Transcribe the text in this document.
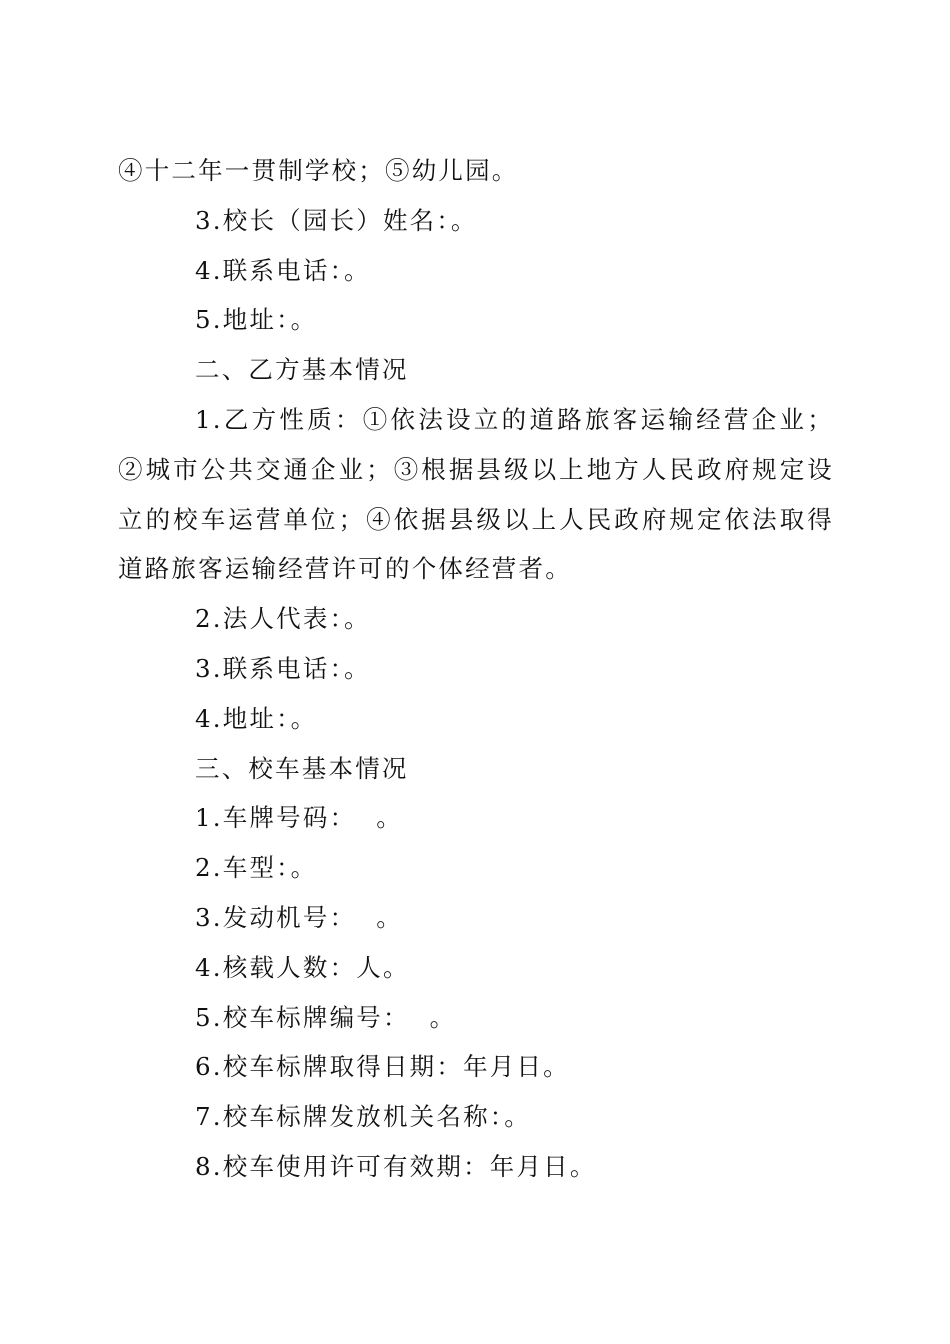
④十二年一贯制学校；⑤幼儿园。
3.校长（园长）姓名：。
4.联系电话：。
5.地址：。
二、乙方基本情况
1.乙方性质：①依法设立的道路旅客运输经营企业；②城市公共交通企业；③根据县级以上地方人民政府规定设立的校车运营单位；④依据县级以上人民政府规定依法取得道路旅客运输经营许可的个体经营者。
2.法人代表：。
3.联系电话：。
4.地址：。
三、校车基本情况
1.车牌号码：  。
2.车型：。
3.发动机号：  。
4.核载人数：人。
5.校车标牌编号：  。
6.校车标牌取得日期：年月日。
7.校车标牌发放机关名称：。
8.校车使用许可有效期：年月日。
